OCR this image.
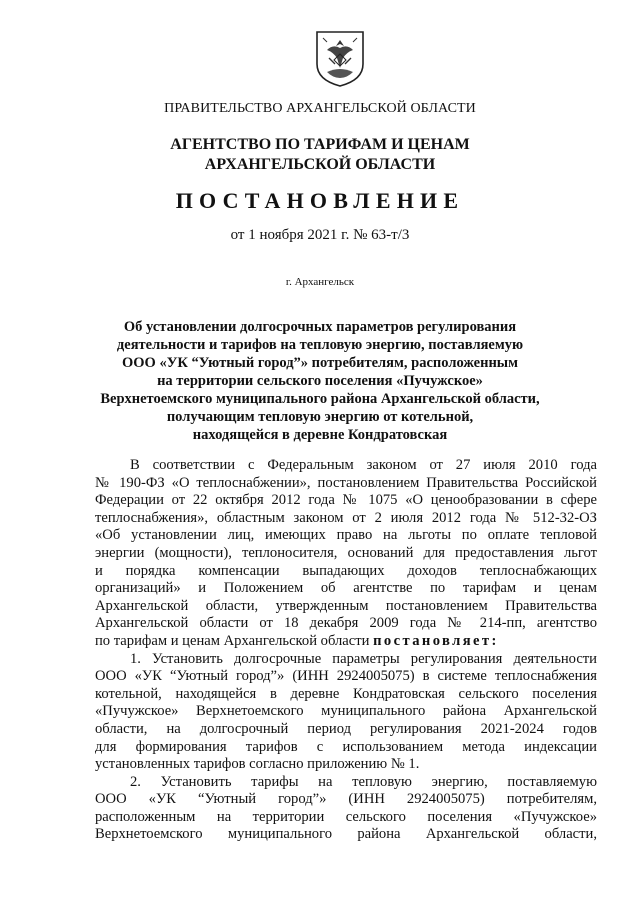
ПРАВИТЕЛЬСТВО АРХАНГЕЛЬСКОЙ ОБЛАСТИ
АГЕНТСТВО ПО ТАРИФАМ И ЦЕНАМ
АРХАНГЕЛЬСКОЙ ОБЛАСТИ
ПОСТАНОВЛЕНИЕ
от 1 ноября 2021 г. № 63-т/3
г. Архангельск
Об установлении долгосрочных параметров регулирования
деятельности и тарифов на тепловую энергию, поставляемую
ООО «УК “Уютный город”» потребителям, расположенным
на территории сельского поселения «Пучужское»
Верхнетоемского муниципального района Архангельской области,
получающим тепловую энергию от котельной,
находящейся в деревне Кондратовская
В соответствии с Федеральным законом от 27 июля 2010 года
№ 190-ФЗ «О теплоснабжении», постановлением Правительства Российской
Федерации от 22 октября 2012 года № 1075 «О ценообразовании в сфере
теплоснабжения», областным законом от 2 июля 2012 года № 512-32-ОЗ
«Об установлении лиц, имеющих право на льготы по оплате тепловой
энергии (мощности), теплоносителя, оснований для предоставления льгот
и порядка компенсации выпадающих доходов теплоснабжающих
организаций» и Положением об агентстве по тарифам и ценам
Архангельской области, утвержденным постановлением Правительства
Архангельской области от 18 декабря 2009 года № 214-пп, агентство
по тарифам и ценам Архангельской области постановляет:
1. Установить долгосрочные параметры регулирования деятельности
ООО «УК “Уютный город”» (ИНН 2924005075) в системе теплоснабжения
котельной, находящейся в деревне Кондратовская сельского поселения
«Пучужское» Верхнетоемского муниципального района Архангельской
области, на долгосрочный период регулирования 2021-2024 годов
для формирования тарифов с использованием метода индексации
установленных тарифов согласно приложению № 1.
2. Установить тарифы на тепловую энергию, поставляемую
ООО «УК “Уютный город”» (ИНН 2924005075) потребителям,
расположенным на территории сельского поселения «Пучужское»
Верхнетоемского муниципального района Архангельской области,
